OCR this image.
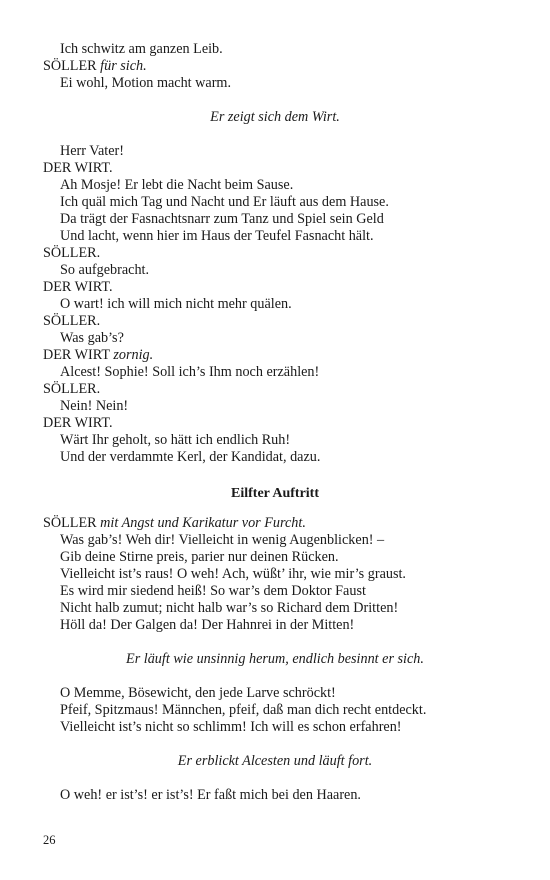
Ich schwitz am ganzen Leib.
SÖLLER für sich.
Ei wohl, Motion macht warm.
Er zeigt sich dem Wirt.
Herr Vater!
DER WIRT.
Ah Mosje! Er lebt die Nacht beim Sause.
Ich quäl mich Tag und Nacht und Er läuft aus dem Hause.
Da trägt der Fasnachtsnarr zum Tanz und Spiel sein Geld
Und lacht, wenn hier im Haus der Teufel Fasnacht hält.
SÖLLER.
So aufgebracht.
DER WIRT.
O wart! ich will mich nicht mehr quälen.
SÖLLER.
Was gab’s?
DER WIRT zornig.
Alcest! Sophie! Soll ich’s Ihm noch erzählen!
SÖLLER.
Nein! Nein!
DER WIRT.
Wärt Ihr geholt, so hätt ich endlich Ruh!
Und der verdammte Kerl, der Kandidat, dazu.
Eilfter Auftritt
SÖLLER mit Angst und Karikatur vor Furcht.
Was gab’s! Weh dir! Vielleicht in wenig Augenblicken! –
Gib deine Stirne preis, parier nur deinen Rücken.
Vielleicht ist’s raus! O weh! Ach, wüßt’ ihr, wie mir’s graust.
Es wird mir siedend heiß! So war’s dem Doktor Faust
Nicht halb zumut; nicht halb war’s so Richard dem Dritten!
Höll da! Der Galgen da! Der Hahnrei in der Mitten!
Er läuft wie unsinnig herum, endlich besinnt er sich.
O Memme, Bösewicht, den jede Larve schröckt!
Pfeif, Spitzmaus! Männchen, pfeif, daß man dich recht entdeckt.
Vielleicht ist’s nicht so schlimm! Ich will es schon erfahren!
Er erblickt Alcesten und läuft fort.
O weh! er ist’s! er ist’s! Er faßt mich bei den Haaren.
26
